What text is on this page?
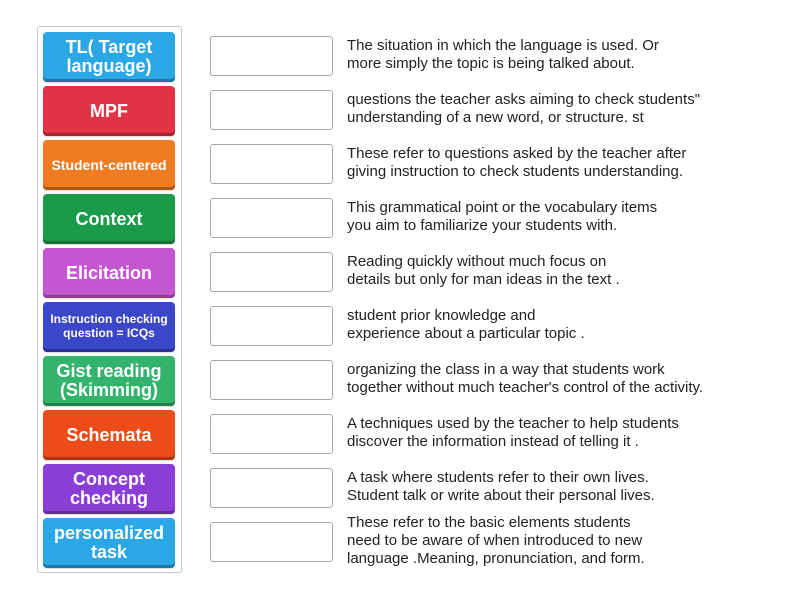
TL( Target language)
MPF
Student-centered
Context
Elicitation
Instruction checking question = ICQs
Gist reading (Skimming)
Schemata
Concept checking
personalized task
The situation in which the language is used. Or
more simply the topic is being talked about.
questions the teacher asks aiming to check students"
understanding of a new word, or structure. st
These refer to questions asked by the teacher after
giving instruction to check students understanding.
This grammatical point or the vocabulary items
you aim to familiarize your students with.
Reading quickly without much focus on
details but only for man ideas in the text .
student prior knowledge and
experience about a particular topic .
organizing the class in a way that students work
together without much teacher's control of the activity.
A techniques used by the teacher to help students
discover the information instead of telling it .
A task where students refer to their own lives.
Student talk or write about their personal lives.
These refer to the basic elements students
need to be aware of when introduced to new
language .Meaning, pronunciation, and form.
